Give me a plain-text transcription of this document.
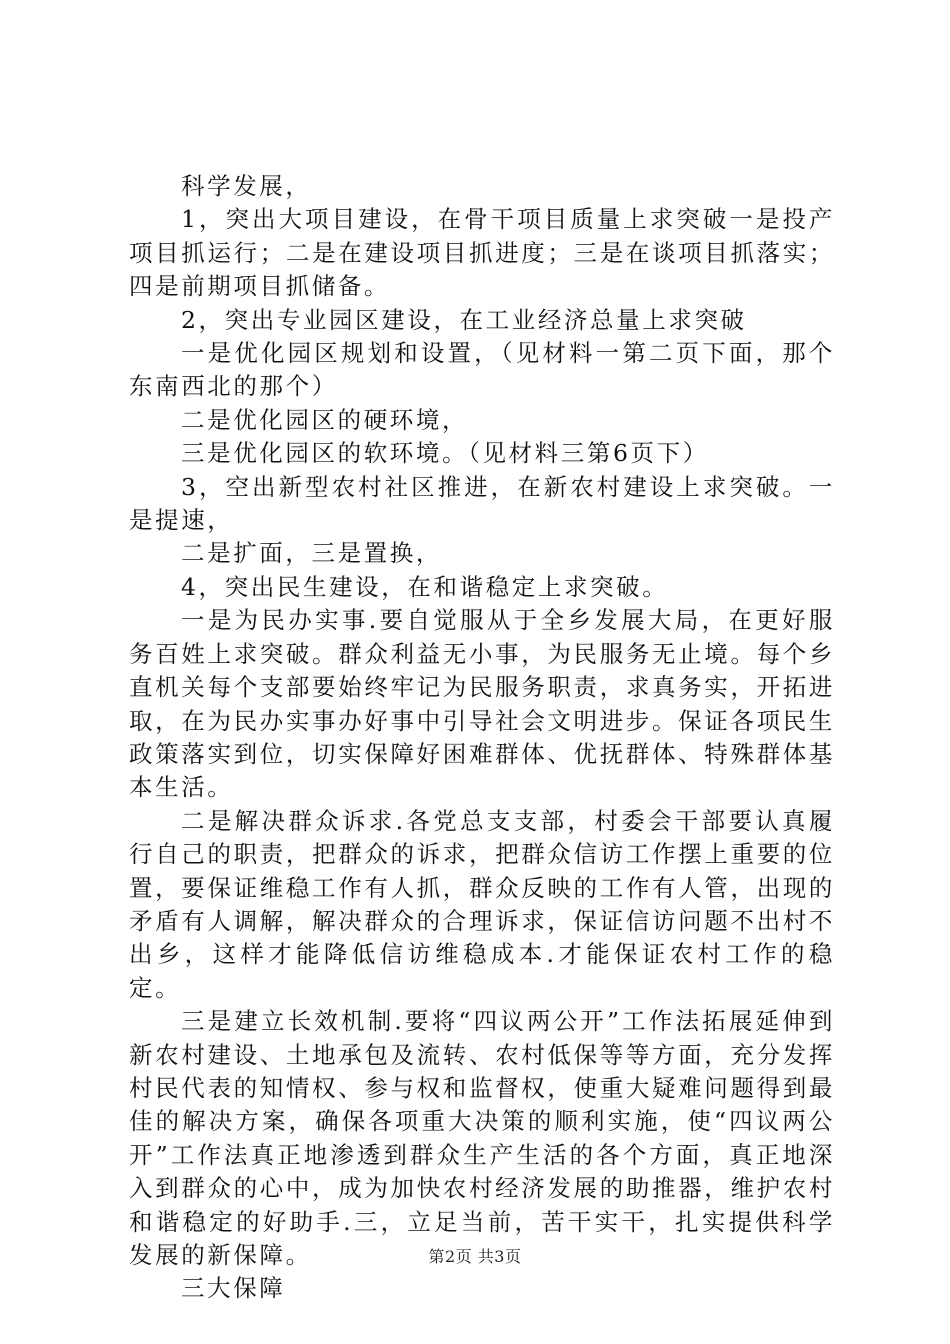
科学发展，

1，突出大项目建设，在骨干项目质量上求突破一是投产项目抓运行；二是在建设项目抓进度；三是在谈项目抓落实；四是前期项目抓储备。

2，突出专业园区建设，在工业经济总量上求突破

一是优化园区规划和设置，（见材料一第二页下面，那个东南西北的那个）

二是优化园区的硬环境，

三是优化园区的软环境。（见材料三第6页下）

3，空出新型农村社区推进，在新农村建设上求突破。一是提速，

二是扩面，三是置换，

4，突出民生建设，在和谐稳定上求突破。

一是为民办实事.要自觉服从于全乡发展大局，在更好服务百姓上求突破。群众利益无小事，为民服务无止境。每个乡直机关每个支部要始终牢记为民服务职责，求真务实，开拓进取，在为民办实事办好事中引导社会文明进步。保证各项民生政策落实到位，切实保障好困难群体、优抚群体、特殊群体基本生活。

二是解决群众诉求.各党总支支部，村委会干部要认真履行自己的职责，把群众的诉求，把群众信访工作摆上重要的位置，要保证维稳工作有人抓，群众反映的工作有人管，出现的矛盾有人调解，解决群众的合理诉求，保证信访问题不出村不出乡，这样才能降低信访维稳成本.才能保证农村工作的稳定。

三是建立长效机制.要将“四议两公开”工作法拓展延伸到新农村建设、土地承包及流转、农村低保等等方面，充分发挥村民代表的知情权、参与权和监督权，使重大疑难问题得到最佳的解决方案，确保各项重大决策的顺利实施，使“四议两公开”工作法真正地渗透到群众生产生活的各个方面，真正地深入到群众的心中，成为加快农村经济发展的助推器，维护农村和谐稳定的好助手.三，立足当前，苦干实干，扎实提供科学发展的新保障。

三大保障

第2页 共3页
